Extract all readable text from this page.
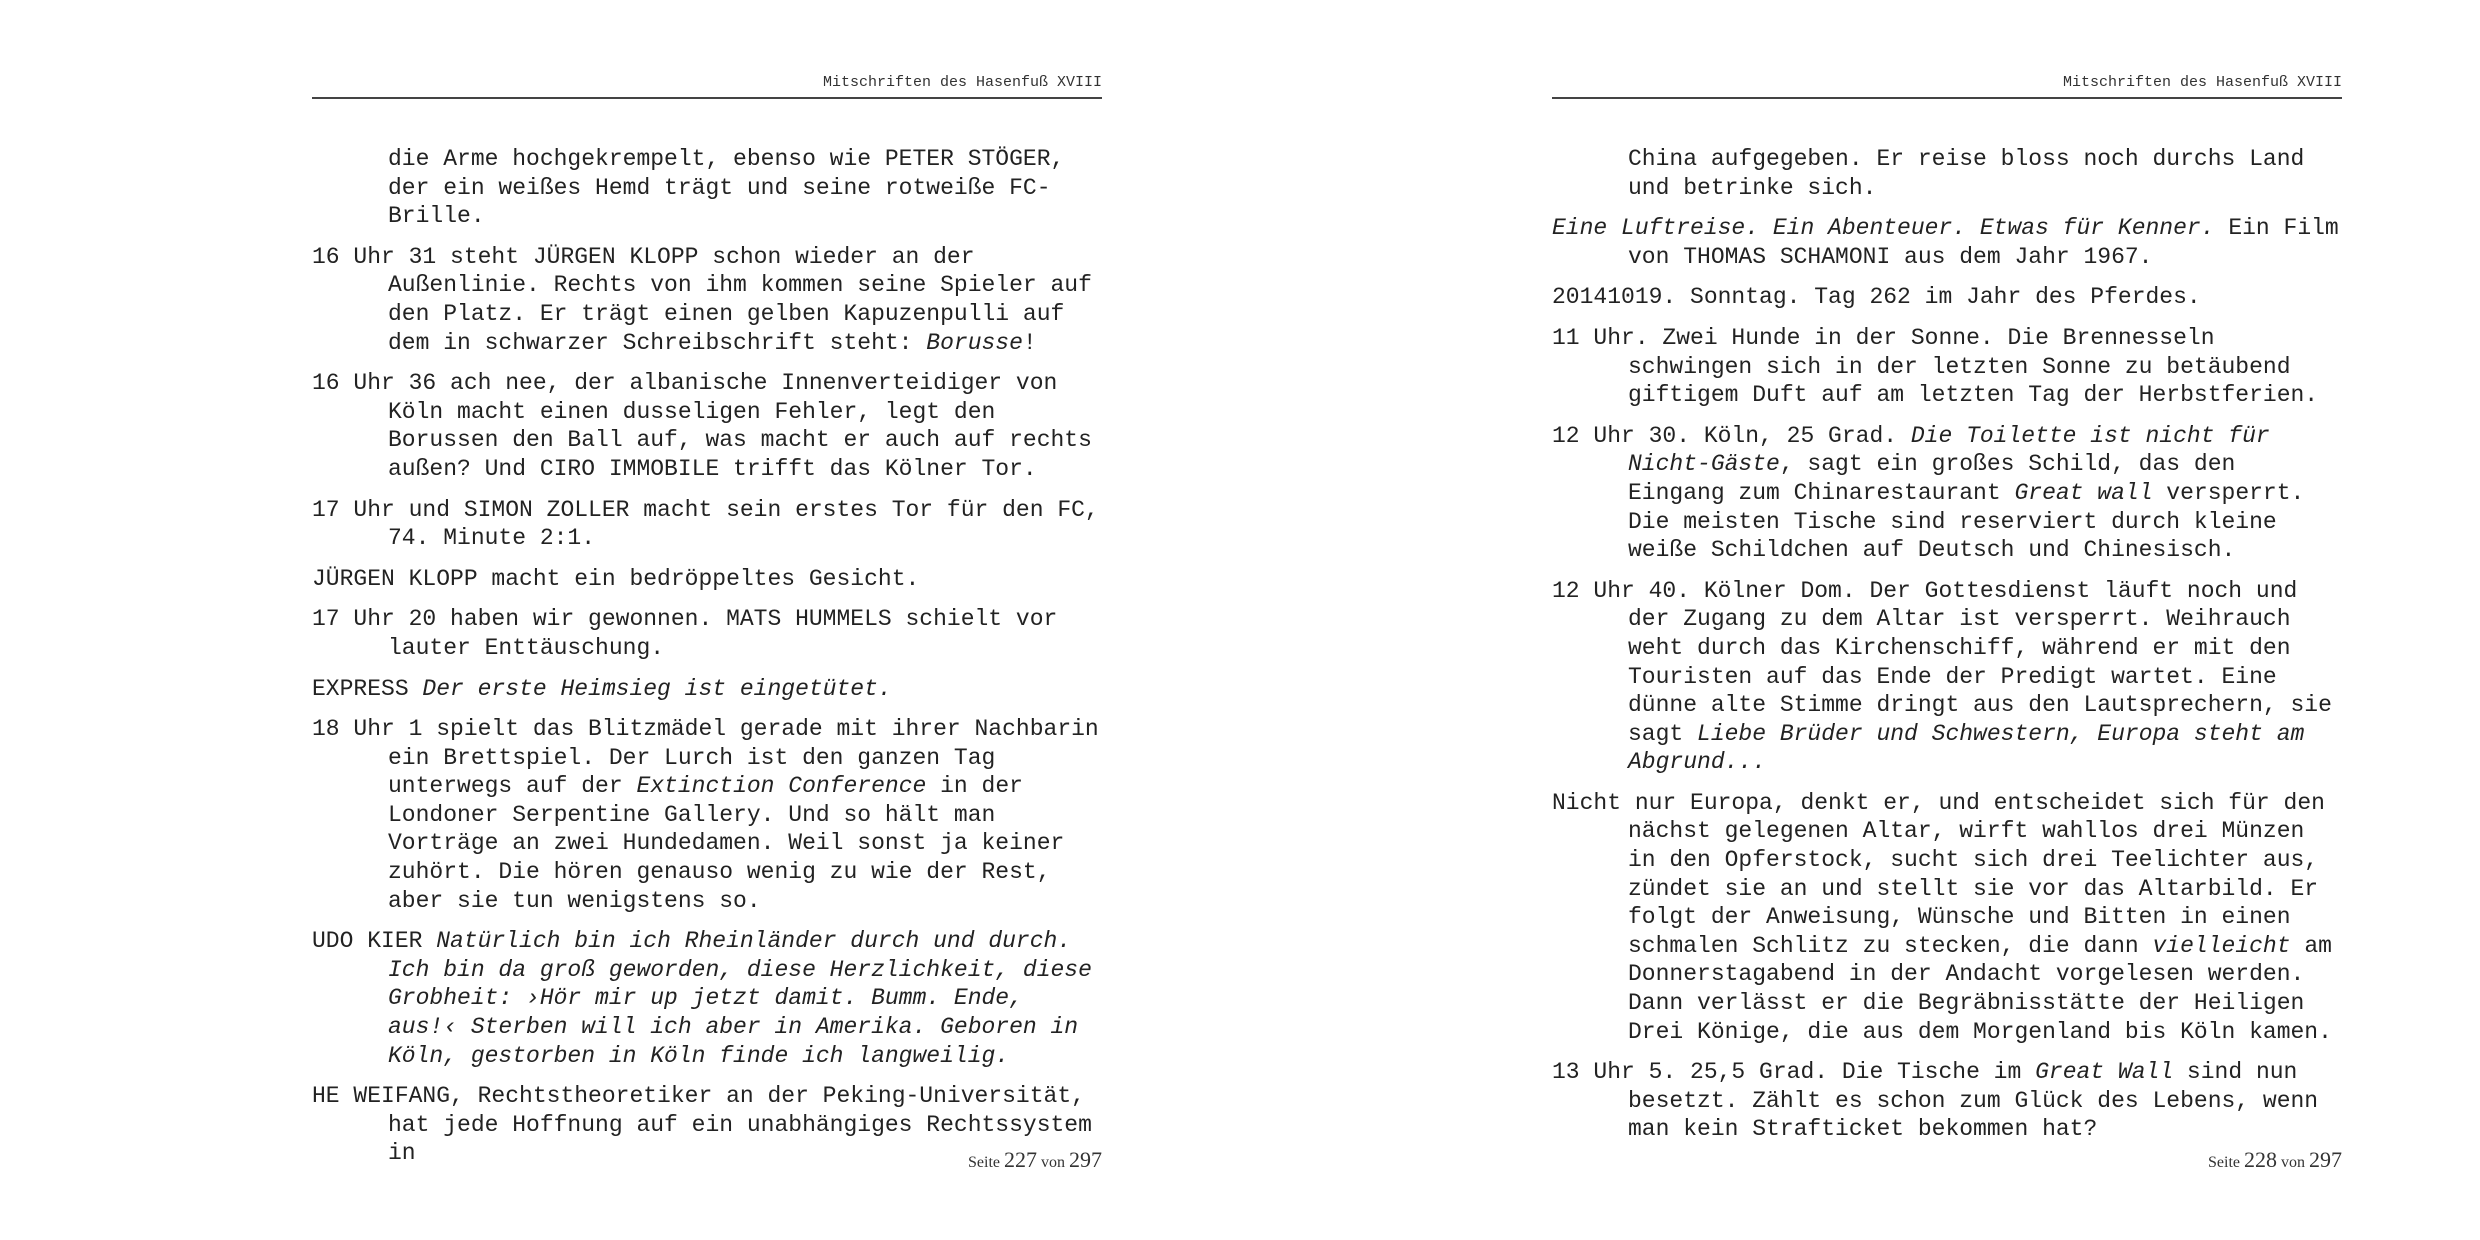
Mitschriften des Hasenfuß XVIII

die Arme hochgekrempelt, ebenso wie PETER STÖGER, der ein weißes Hemd trägt und seine rotweiße FC-Brille.

16 Uhr 31 steht JÜRGEN KLOPP schon wieder an der Außenlinie. Rechts von ihm kommen seine Spieler auf den Platz. Er trägt einen gelben Kapuzenpulli auf dem in schwarzer Schreibschrift steht: Borusse!

16 Uhr 36 ach nee, der albanische Innenverteidiger von Köln macht einen dusseligen Fehler, legt den Borussen den Ball auf, was macht er auch auf rechts außen? Und CIRO IMMOBILE trifft das Kölner Tor.

17 Uhr und SIMON ZOLLER macht sein erstes Tor für den FC, 74. Minute 2:1.

JÜRGEN KLOPP macht ein bedröppeltes Gesicht.

17 Uhr 20 haben wir gewonnen. MATS HUMMELS schielt vor lauter Enttäuschung.

EXPRESS Der erste Heimsieg ist eingetütet.

18 Uhr 1 spielt das Blitzmädel gerade mit ihrer Nachbarin ein Brettspiel. Der Lurch ist den ganzen Tag unterwegs auf der Extinction Conference in der Londoner Serpentine Gallery. Und so hält man Vorträge an zwei Hundedamen. Weil sonst ja keiner zuhört. Die hören genauso wenig zu wie der Rest, aber sie tun wenigstens so.

UDO KIER Natürlich bin ich Rheinländer durch und durch. Ich bin da groß geworden, diese Herzlichkeit, diese Grobheit: ›Hör mir up jetzt damit. Bumm. Ende, aus!‹ Sterben will ich aber in Amerika. Geboren in Köln, gestorben in Köln finde ich langweilig.

HE WEIFANG, Rechtstheoretiker an der Peking-Universität, hat jede Hoffnung auf ein unabhängiges Rechtssystem in	Seite 227 von 297
Mitschriften des Hasenfuß XVIII

China aufgegeben. Er reise bloss noch durchs Land und betrinke sich.

Eine Luftreise. Ein Abenteuer. Etwas für Kenner. Ein Film von THOMAS SCHAMONI aus dem Jahr 1967.

20141019. Sonntag. Tag 262 im Jahr des Pferdes.

11 Uhr. Zwei Hunde in der Sonne. Die Brennesseln schwingen sich in der letzten Sonne zu betäubend giftigem Duft auf am letzten Tag der Herbstferien.

12 Uhr 30. Köln, 25 Grad. Die Toilette ist nicht für Nicht-Gäste, sagt ein großes Schild, das den Eingang zum Chinarestaurant Great wall versperrt. Die meisten Tische sind reserviert durch kleine weiße Schildchen auf Deutsch und Chinesisch.

12 Uhr 40. Kölner Dom. Der Gottesdienst läuft noch und der Zugang zu dem Altar ist versperrt. Weihrauch weht durch das Kirchenschiff, während er mit den Touristen auf das Ende der Predigt wartet. Eine dünne alte Stimme dringt aus den Lautsprechern, sie sagt Liebe Brüder und Schwestern, Europa steht am Abgrund...

Nicht nur Europa, denkt er, und entscheidet sich für den nächst gelegenen Altar, wirft wahllos drei Münzen in den Opferstock, sucht sich drei Teelichter aus, zündet sie an und stellt sie vor das Altarbild. Er folgt der Anweisung, Wünsche und Bitten in einen schmalen Schlitz zu stecken, die dann vielleicht am Donnerstagabend in der Andacht vorgelesen werden. Dann verlässt er die Begräbnisstätte der Heiligen Drei Könige, die aus dem Morgenland bis Köln kamen.

13 Uhr 5. 25,5 Grad. Die Tische im Great Wall sind nun besetzt. Zählt es schon zum Glück des Lebens, wenn man kein Strafticket bekommen hat?

Seite 228 von 297
